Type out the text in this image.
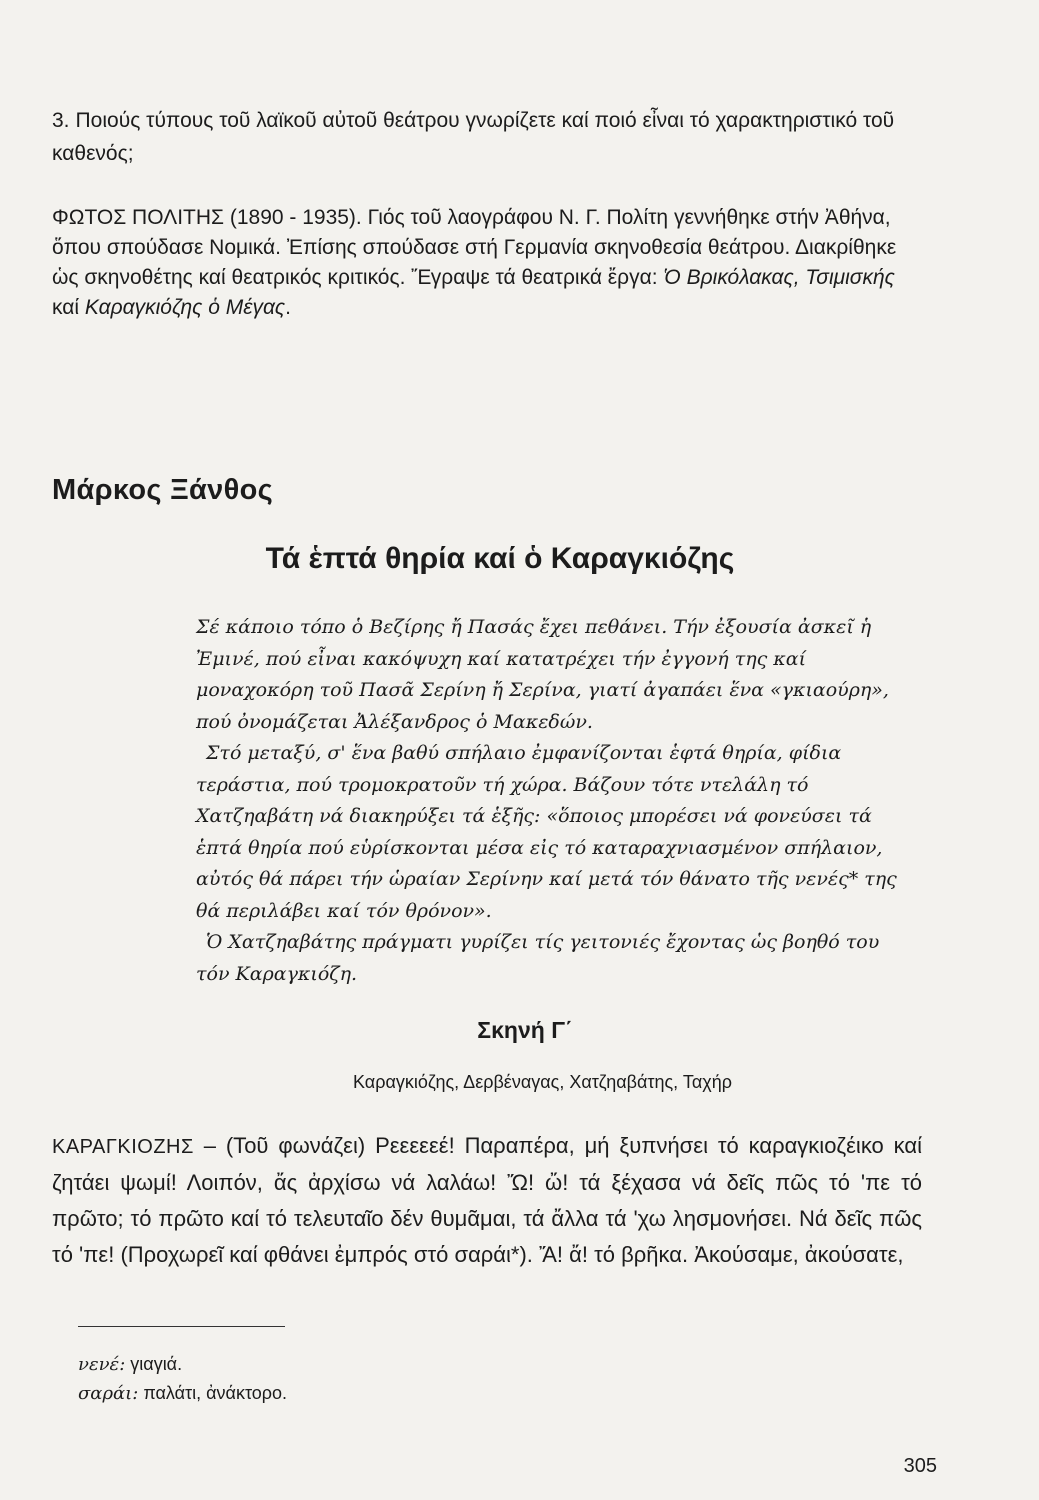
3. Ποιούς τύπους τοῦ λαϊκοῦ αὐτοῦ θεάτρου γνωρίζετε καί ποιό εἶναι τό χαρακτηριστικό τοῦ καθενός;

ΦΩΤΟΣ ΠΟΛΙΤΗΣ (1890 - 1935). Γιός τοῦ λαογράφου Ν. Γ. Πολίτη γεννήθηκε στήν Ἀθήνα, ὅπου σπούδασε Νομικά. Ἐπίσης σπούδασε στή Γερμανία σκηνοθεσία θεάτρου. Διακρίθηκε ὡς σκηνοθέτης καί θεατρικός κριτικός. Ἔγραψε τά θεατρικά ἔργα: Ὁ Βρικόλακας, Τσιμισκής καί Καραγκιόζης ὁ Μέγας.

Μάρκος Ξάνθος
Τά ἑπτά θηρία καί ὁ Καραγκιόζης

Σέ κάποιο τόπο ὁ Βεζίρης ἤ Πασάς ἔχει πεθάνει. Τήν ἐξουσία ἀσκεῖ ἡ Ἐμινέ, πού εἶναι κακόψυχη καί κατατρέχει τήν ἐγγονή της καί μοναχοκόρη τοῦ Πασᾶ Σερίνη ἤ Σερίνα, γιατί ἀγαπάει ἕνα «γκιαούρη», πού ὀνομάζεται Ἀλέξανδρος ὁ Μακεδών.

Στό μεταξύ, σ' ἕνα βαθύ σπήλαιο ἐμφανίζονται ἑφτά θηρία, φίδια τεράστια, πού τρομοκρατοῦν τή χώρα. Βάζουν τότε ντελάλη τό Χατζηαβάτη νά διακηρύξει τά ἑξῆς: «ὅποιος μπορέσει νά φονεύσει τά ἑπτά θηρία πού εὑρίσκονται μέσα εἰς τό καταραχνιασμένον σπήλαιον, αὐτός θά πάρει τήν ὡραίαν Σερίνην καί μετά τόν θάνατο τῆς νενές* της θά περιλάβει καί τόν θρόνον».

Ὁ Χατζηαβάτης πράγματι γυρίζει τίς γειτονιές ἔχοντας ὡς βοηθό του τόν Καραγκιόζη.

Σκηνή Γ΄
Καραγκιόζης, Δερβέναγας, Χατζηαβάτης, Ταχήρ

ΚΑΡΑΓΚΙΟΖΗΣ – (Τοῦ φωνάζει) Ρεεεεεέ! Παραπέρα, μή ξυπνήσει τό καραγκιοζέικο καί ζητάει ψωμί! Λοιπόν, ἄς ἀρχίσω νά λαλάω! Ὤ! ὤ! τά ξέχασα νά δεῖς πῶς τό 'πε τό πρῶτο; τό πρῶτο καί τό τελευταῖο δέν θυμᾶμαι, τά ἄλλα τά 'χω λησμονήσει. Νά δεῖς πῶς τό 'πε! (Προχωρεῖ καί φθάνει ἐμπρός στό σαράι*). Ἄ! ἄ! τό βρῆκα. Ἀκούσαμε, ἀκούσατε,

νενέ: γιαγιά.
σαράι: παλάτι, ἀνάκτορο.
305
